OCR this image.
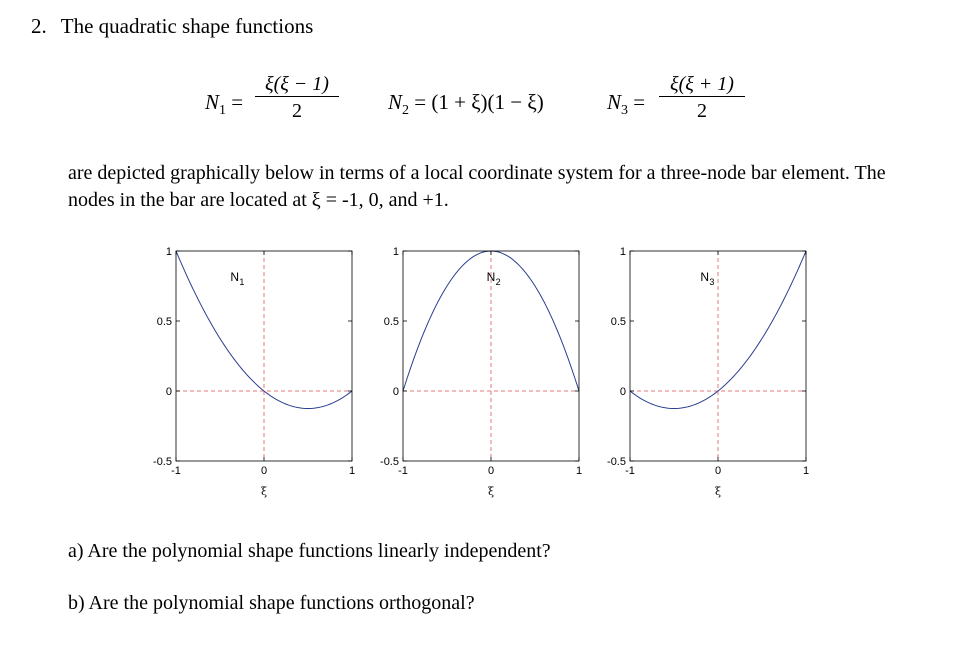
2. The quadratic shape functions
$N_1 = \frac{\xi(\xi - 1)}{2} N_2 = (1 + \xi)(1 - \xi)$	$N_3 = \frac{\xi(\xi + 1)}{2}$
are depicted graphically below in terms of a local coordinate system for a three-node bar element. The nodes in the bar are located at ξ = -1, 0, and +1.
-0.5
0
0.5
1
-1	0	1
ξ
N 1
-0.5
0
0.5
1
-1	0	1
ξ
N 2
-0.5
0
0.5
1
-1	0	1
ξ
N 3
a) Are the polynomial shape functions linearly independent?
b) Are the polynomial shape functions orthogonal?
